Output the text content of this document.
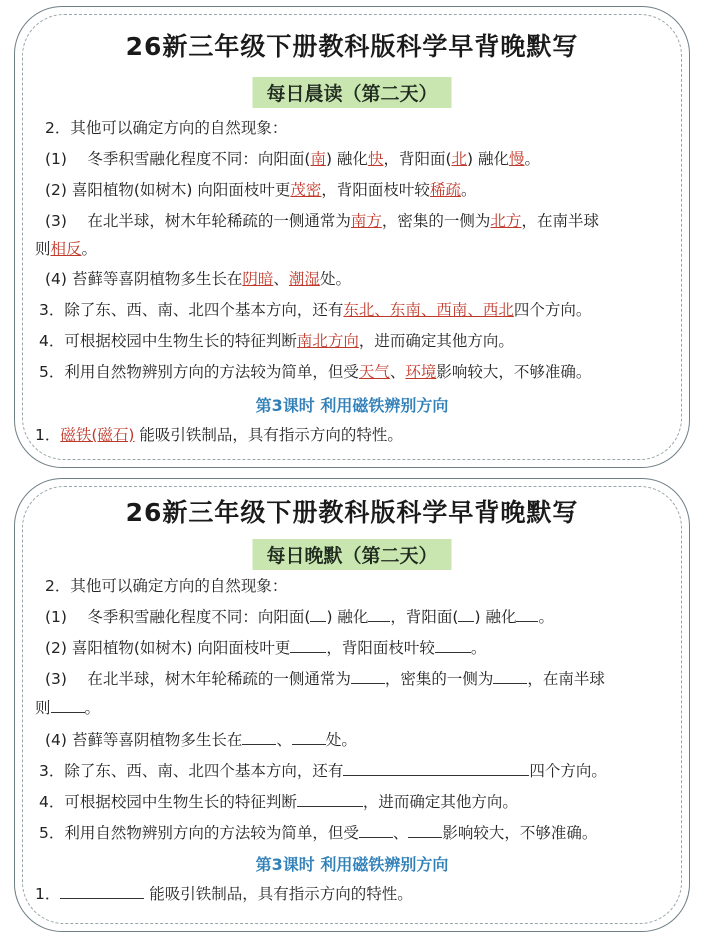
26新三年级下册教科版科学早背晚默写
每日晨读（第二天）
2．其他可以确定方向的自然现象：
(1)　 冬季积雪融化程度不同：向阳面(南) 融化快，背阳面(北) 融化慢。
(2) 喜阳植物(如树木) 向阳面枝叶更茂密，背阳面枝叶较稀疏。
(3)　 在北半球，树木年轮稀疏的一侧通常为南方，密集的一侧为北方，在南半球
则相反。
(4) 苔藓等喜阴植物多生长在阴暗、潮湿处。
3．除了东、西、南、北四个基本方向，还有东北、东南、西南、西北四个方向。
4．可根据校园中生物生长的特征判断南北方向，进而确定其他方向。
5．利用自然物辨别方向的方法较为简单，但受天气、环境影响较大，不够准确。
第3课时 利用磁铁辨别方向
1．磁铁(磁石) 能吸引铁制品，具有指示方向的特性。
26新三年级下册教科版科学早背晚默写
每日晚默（第二天）
2．其他可以确定方向的自然现象：
(1)　 冬季积雪融化程度不同：向阳面( ) 融化 ，背阳面( ) 融化 。
(2) 喜阳植物(如树木) 向阳面枝叶更 ，背阳面枝叶较 。
(3)　 在北半球，树木年轮稀疏的一侧通常为 ，密集的一侧为 ，在南半球
则 。
(4) 苔藓等喜阴植物多生长在 、 处。
3．除了东、西、南、北四个基本方向，还有	四个方向。
4．可根据校园中生物生长的特征判断	，进而确定其他方向。
5．利用自然物辨别方向的方法较为简单，但受 、 影响较大，不够准确。
第3课时 利用磁铁辨别方向
1．	能吸引铁制品，具有指示方向的特性。
